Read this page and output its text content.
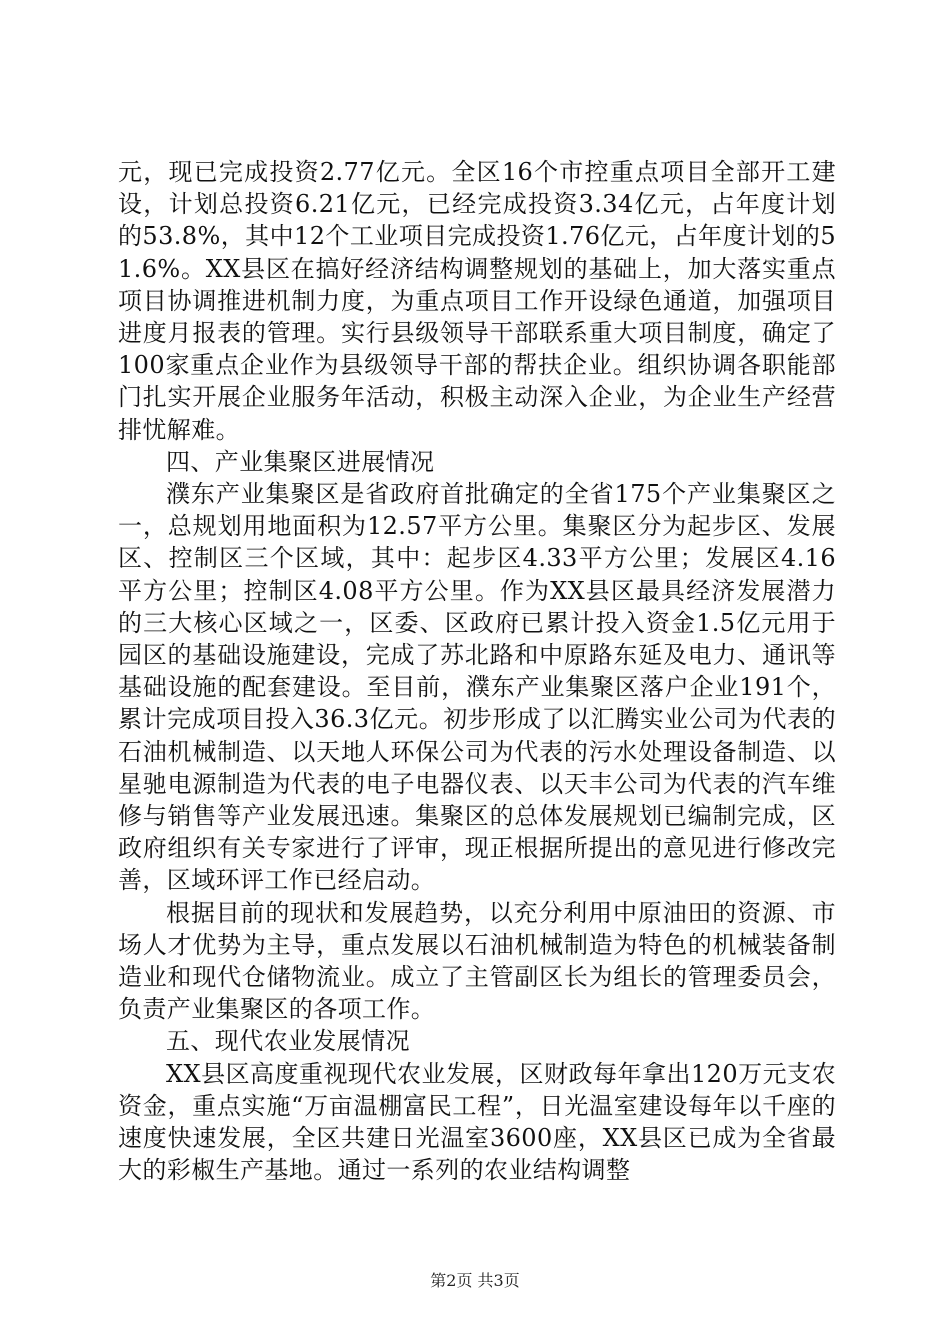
元，现已完成投资2.77亿元。全区16个市控重点项目全部开工建设，计划总投资6.21亿元，已经完成投资3.34亿元，占年度计划的53.8%，其中12个工业项目完成投资1.76亿元，占年度计划的51.6%。XX县区在搞好经济结构调整规划的基础上，加大落实重点项目协调推进机制力度，为重点项目工作开设绿色通道，加强项目进度月报表的管理。实行县级领导干部联系重大项目制度，确定了100家重点企业作为县级领导干部的帮扶企业。组织协调各职能部门扎实开展企业服务年活动，积极主动深入企业，为企业生产经营排忧解难。

四、产业集聚区进展情况

濮东产业集聚区是省政府首批确定的全省175个产业集聚区之一，总规划用地面积为12.57平方公里。集聚区分为起步区、发展区、控制区三个区域，其中：起步区4.33平方公里；发展区4.16平方公里；控制区4.08平方公里。作为XX县区最具经济发展潜力的三大核心区域之一，区委、区政府已累计投入资金1.5亿元用于园区的基础设施建设，完成了苏北路和中原路东延及电力、通讯等基础设施的配套建设。至目前，濮东产业集聚区落户企业191个，累计完成项目投入36.3亿元。初步形成了以汇腾实业公司为代表的石油机械制造、以天地人环保公司为代表的污水处理设备制造、以星驰电源制造为代表的电子电器仪表、以天丰公司为代表的汽车维修与销售等产业发展迅速。集聚区的总体发展规划已编制完成，区政府组织有关专家进行了评审，现正根据所提出的意见进行修改完善，区域环评工作已经启动。

根据目前的现状和发展趋势，以充分利用中原油田的资源、市场人才优势为主导，重点发展以石油机械制造为特色的机械装备制造业和现代仓储物流业。成立了主管副区长为组长的管理委员会，负责产业集聚区的各项工作。

五、现代农业发展情况

XX县区高度重视现代农业发展，区财政每年拿出120万元支农资金，重点实施“万亩温棚富民工程”，日光温室建设每年以千座的速度快速发展，全区共建日光温室3600座，XX县区已成为全省最大的彩椒生产基地。通过一系列的农业结构调整

第2页 共3页
